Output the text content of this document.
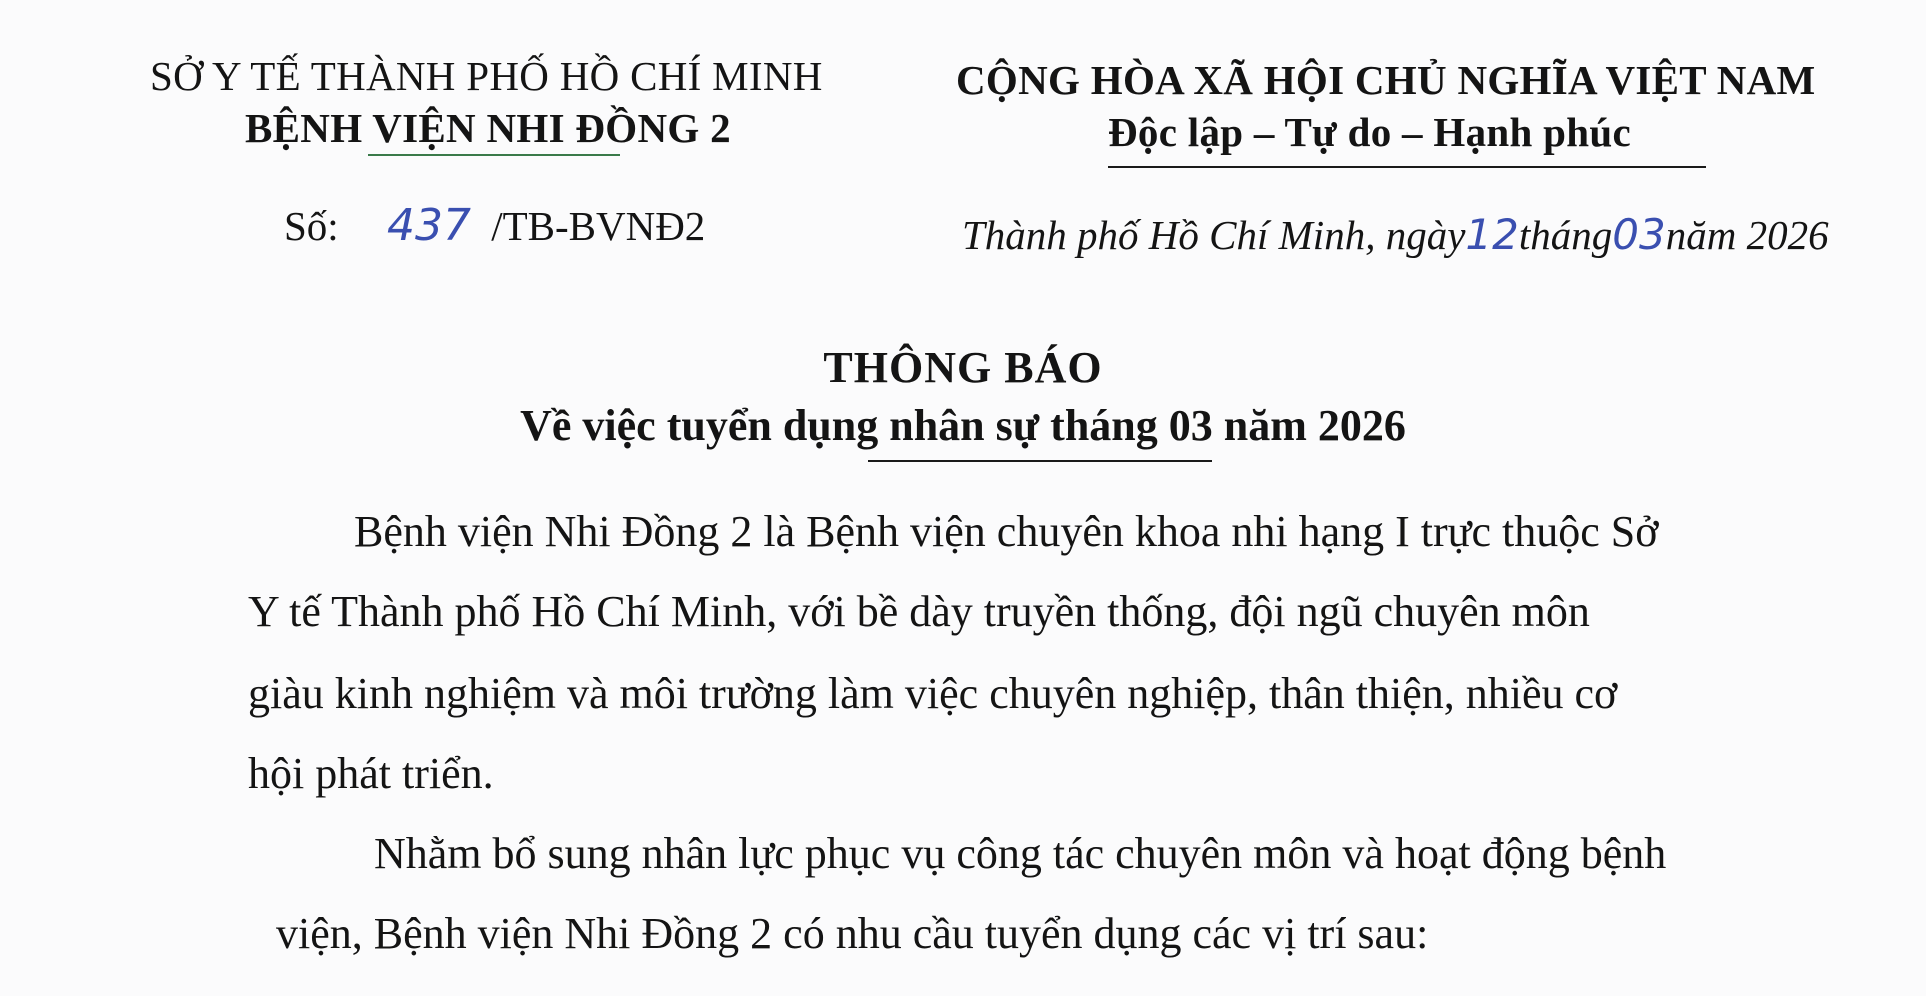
SỞ Y TẾ THÀNH PHỐ HỒ CHÍ MINH
BỆNH VIỆN NHI ĐỒNG 2
CỘNG HÒA XÃ HỘI CHỦ NGHĨA VIỆT NAM
Độc lập – Tự do – Hạnh phúc
Số: 437 /TB-BVNĐ2	Thành phố Hồ Chí Minh, ngày12tháng03năm 2026
THÔNG BÁO
Về việc tuyển dụng nhân sự tháng 03 năm 2026
Bệnh viện Nhi Đồng 2 là Bệnh viện chuyên khoa nhi hạng I trực thuộc Sở
Y tế Thành phố Hồ Chí Minh, với bề dày truyền thống, đội ngũ chuyên môn
giàu kinh nghiệm và môi trường làm việc chuyên nghiệp, thân thiện, nhiều cơ
hội phát triển.
Nhằm bổ sung nhân lực phục vụ công tác chuyên môn và hoạt động bệnh
viện, Bệnh viện Nhi Đồng 2 có nhu cầu tuyển dụng các vị trí sau:
